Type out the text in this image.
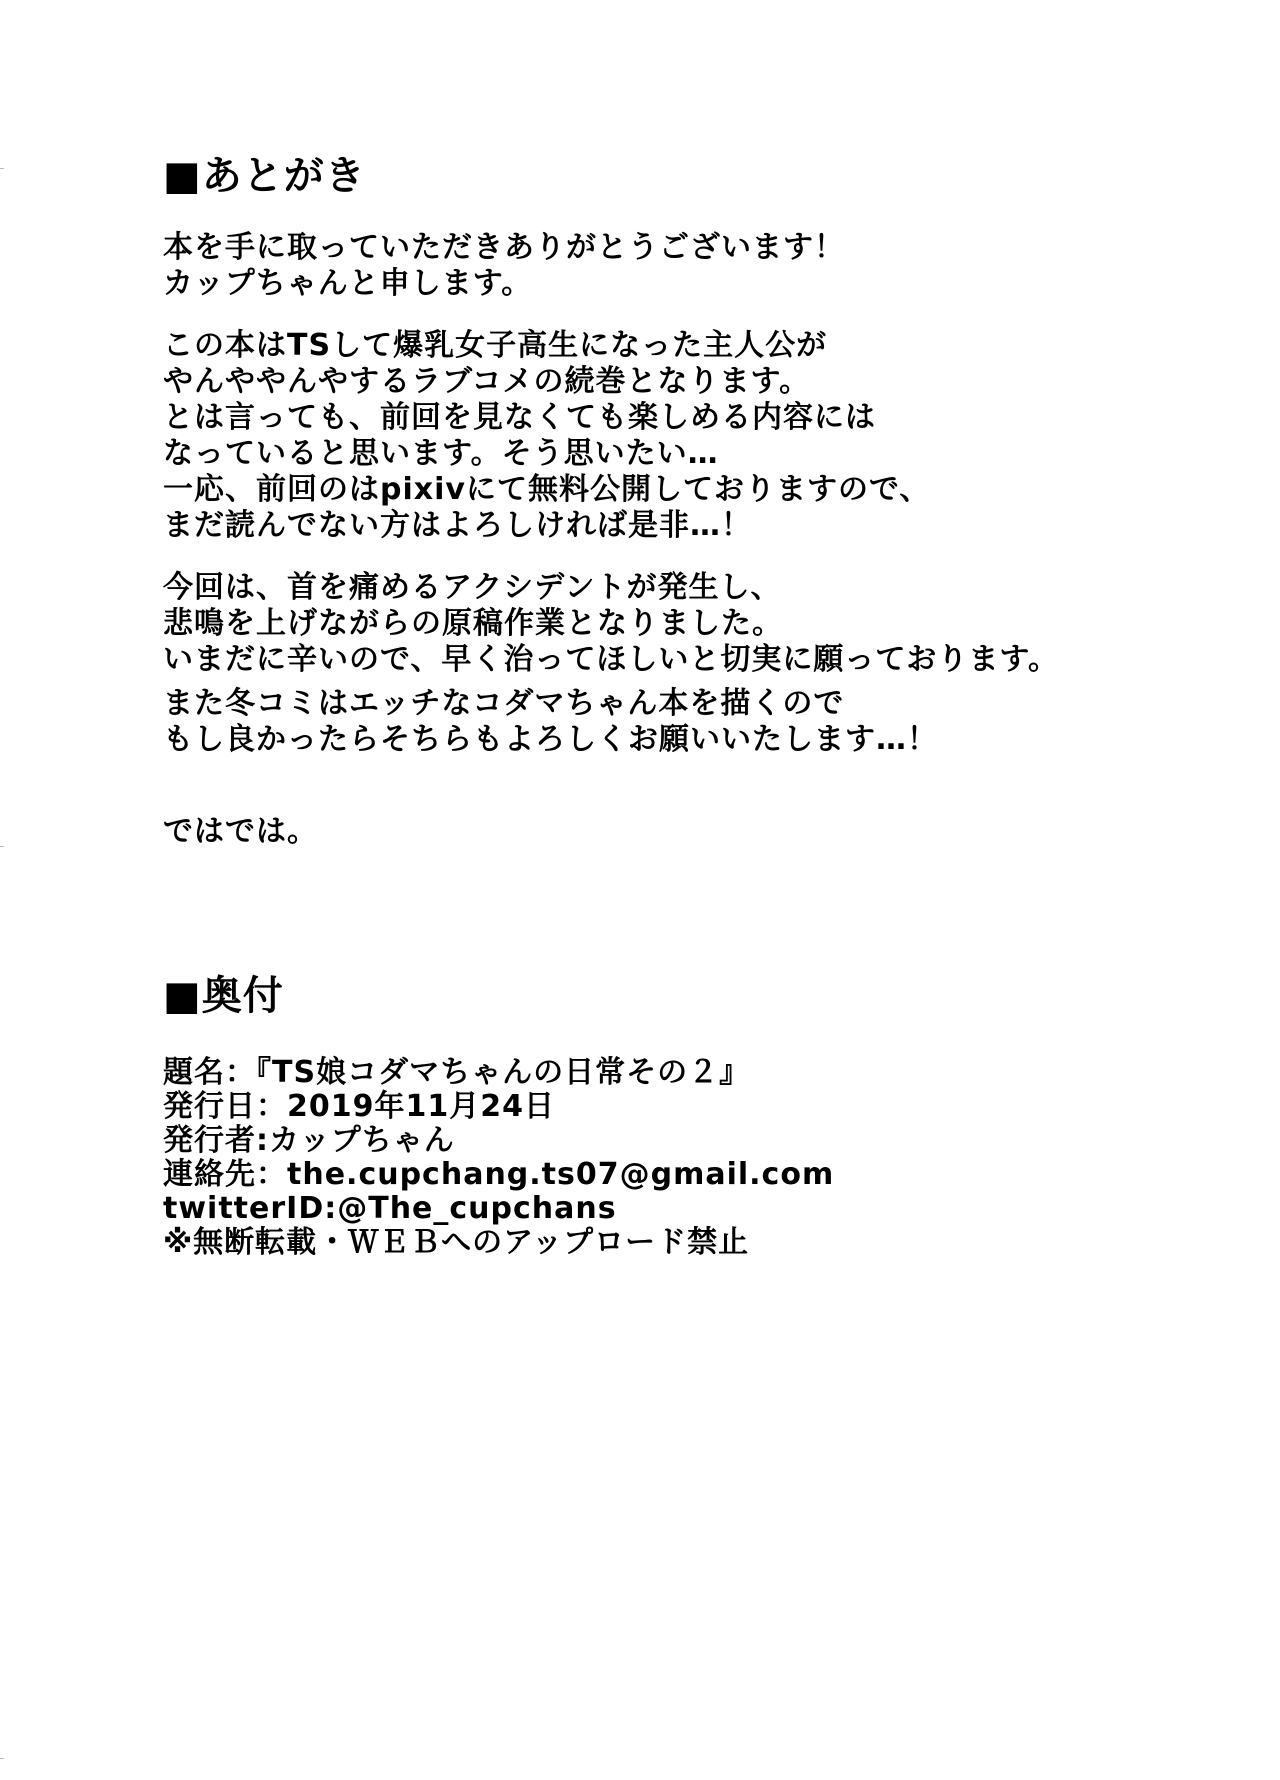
■あとがき
本を手に取っていただきありがとうございます！
カップちゃんと申します。
この本はTSして爆乳女子高生になった主人公が
やんややんやするラブコメの続巻となります。
とは言っても、前回を見なくても楽しめる内容には
なっていると思います。そう思いたい…
一応、前回のはpixivにて無料公開しておりますので、
まだ読んでない方はよろしければ是非…！
今回は、首を痛めるアクシデントが発生し、
悲鳴を上げながらの原稿作業となりました。
いまだに辛いので、早く治ってほしいと切実に願っております。
また冬コミはエッチなコダマちゃん本を描くので
もし良かったらそちらもよろしくお願いいたします…！
ではでは。
■奥付
題名：『TS娘コダマちゃんの日常その２』
発行日：2019年11月24日
発行者:カップちゃん
連絡先：the.cupchang.ts07@gmail.com
twitterID:@The_cupchans
※無断転載・ＷＥＢへのアップロード禁止
